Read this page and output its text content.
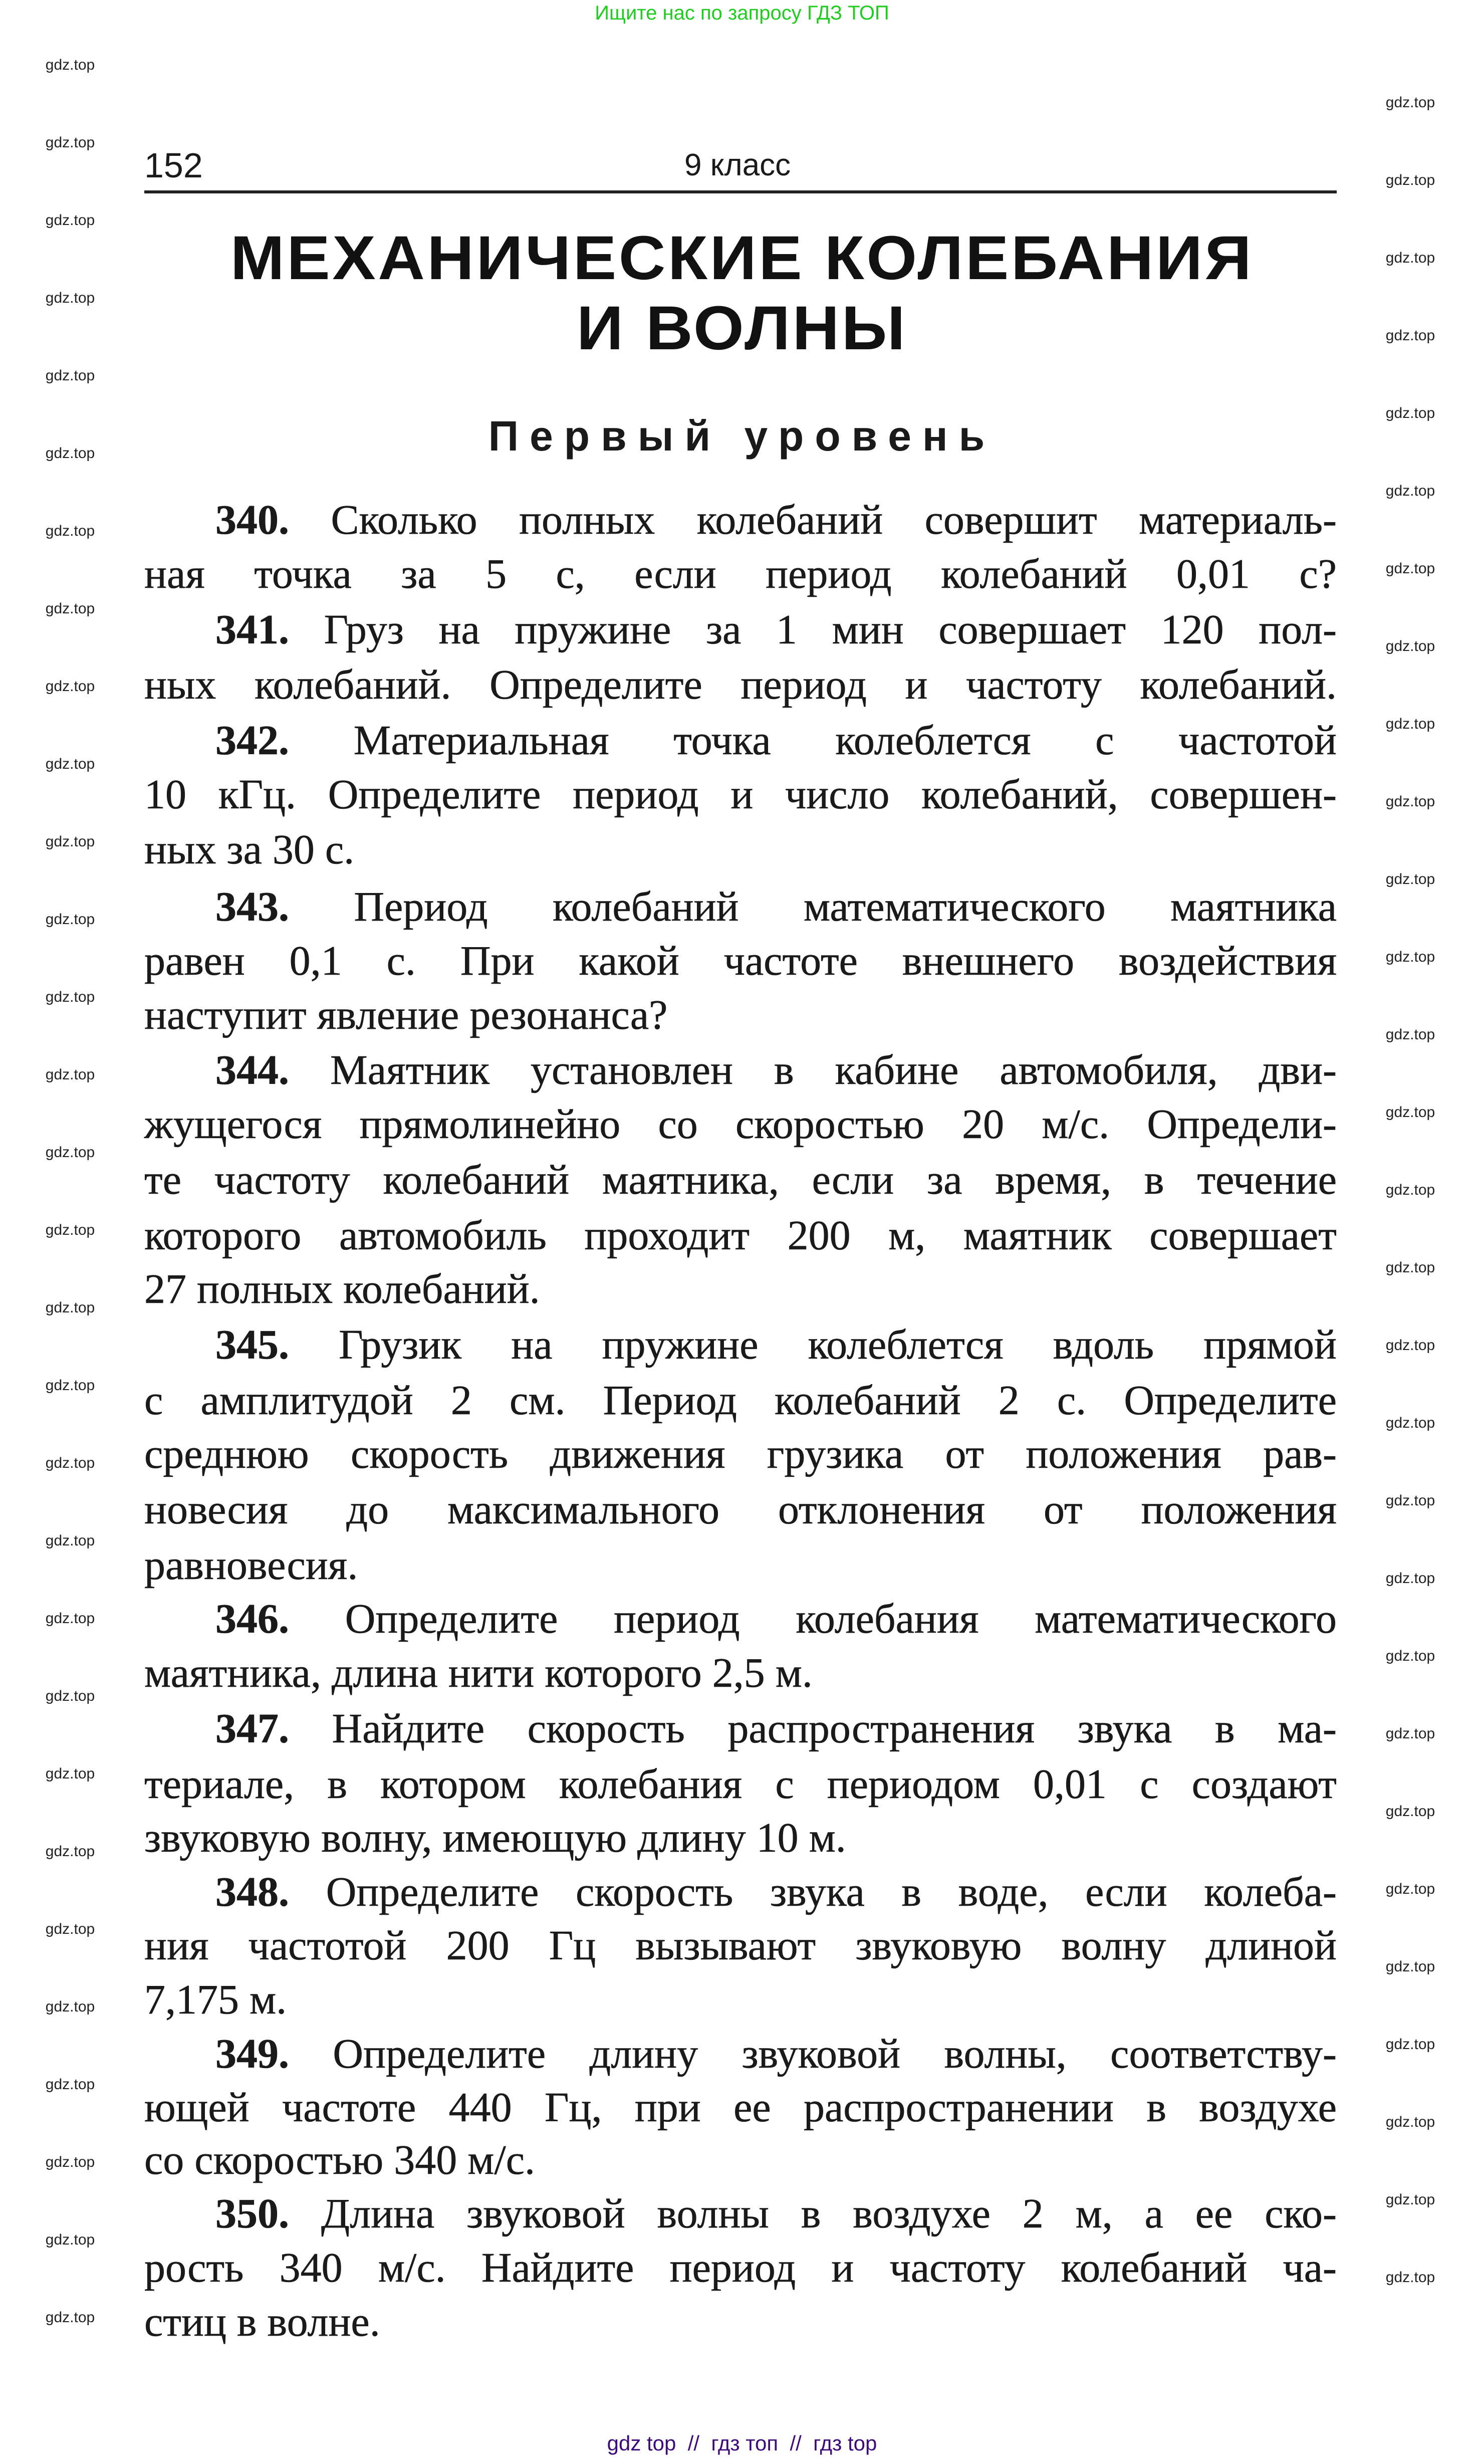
Ищите нас по запросу ГДЗ ТОП
152	9 класс
МЕХАНИЧЕСКИЕ КОЛЕБАНИЯ
И ВОЛНЫ
Первый уровень
340. Сколько полных колебаний совершит материаль-
ная точка за 5 с, если период колебаний 0,01 с?
341. Груз на пружине за 1 мин совершает 120 пол-
ных колебаний. Определите период и частоту колебаний.
342. Материальная точка колеблется с частотой
10 кГц. Определите период и число колебаний, совершен-
ных за 30 с.
343. Период колебаний математического маятника
равен 0,1 с. При какой частоте внешнего воздействия
наступит явление резонанса?
344. Маятник установлен в кабине автомобиля, дви-
жущегося прямолинейно со скоростью 20 м/с. Определи-
те частоту колебаний маятника, если за время, в течение
которого автомобиль проходит 200 м, маятник совершает
27 полных колебаний.
345. Грузик на пружине колеблется вдоль прямой
с амплитудой 2 см. Период колебаний 2 с. Определите
среднюю скорость движения грузика от положения рав-
новесия до максимального отклонения от положения
равновесия.
346. Определите период колебания математического
маятника, длина нити которого 2,5 м.
347. Найдите скорость распространения звука в ма-
териале, в котором колебания с периодом 0,01 с создают
звуковую волну, имеющую длину 10 м.
348. Определите скорость звука в воде, если колеба-
ния частотой 200 Гц вызывают звуковую волну длиной
7,175 м.
349. Определите длину звуковой волны, соответству-
ющей частоте 440 Гц, при ее распространении в воздухе
со скоростью 340 м/с.
350. Длина звуковой волны в воздухе 2 м, а ее ско-
рость 340 м/с. Найдите период и частоту колебаний ча-
стиц в волне.
gdz.top
gdz.top
gdz.top
gdz.top
gdz.top
gdz.top
gdz.top
gdz.top
gdz.top
gdz.top
gdz.top
gdz.top
gdz.top
gdz.top
gdz.top
gdz.top
gdz.top
gdz.top
gdz.top
gdz.top
gdz.top
gdz.top
gdz.top
gdz.top
gdz.top
gdz.top
gdz.top
gdz.top
gdz.top
gdz.top
gdz.top
gdz.top
gdz.top
gdz.top
gdz.top
gdz.top
gdz.top
gdz.top
gdz.top
gdz.top
gdz.top
gdz.top
gdz.top
gdz.top
gdz.top
gdz.top
gdz.top
gdz.top
gdz.top
gdz.top
gdz.top
gdz.top
gdz.top
gdz.top
gdz.top
gdz.top
gdz.top
gdz.top
gdz.top
gdz top  //  гдз топ  //  гдз top
